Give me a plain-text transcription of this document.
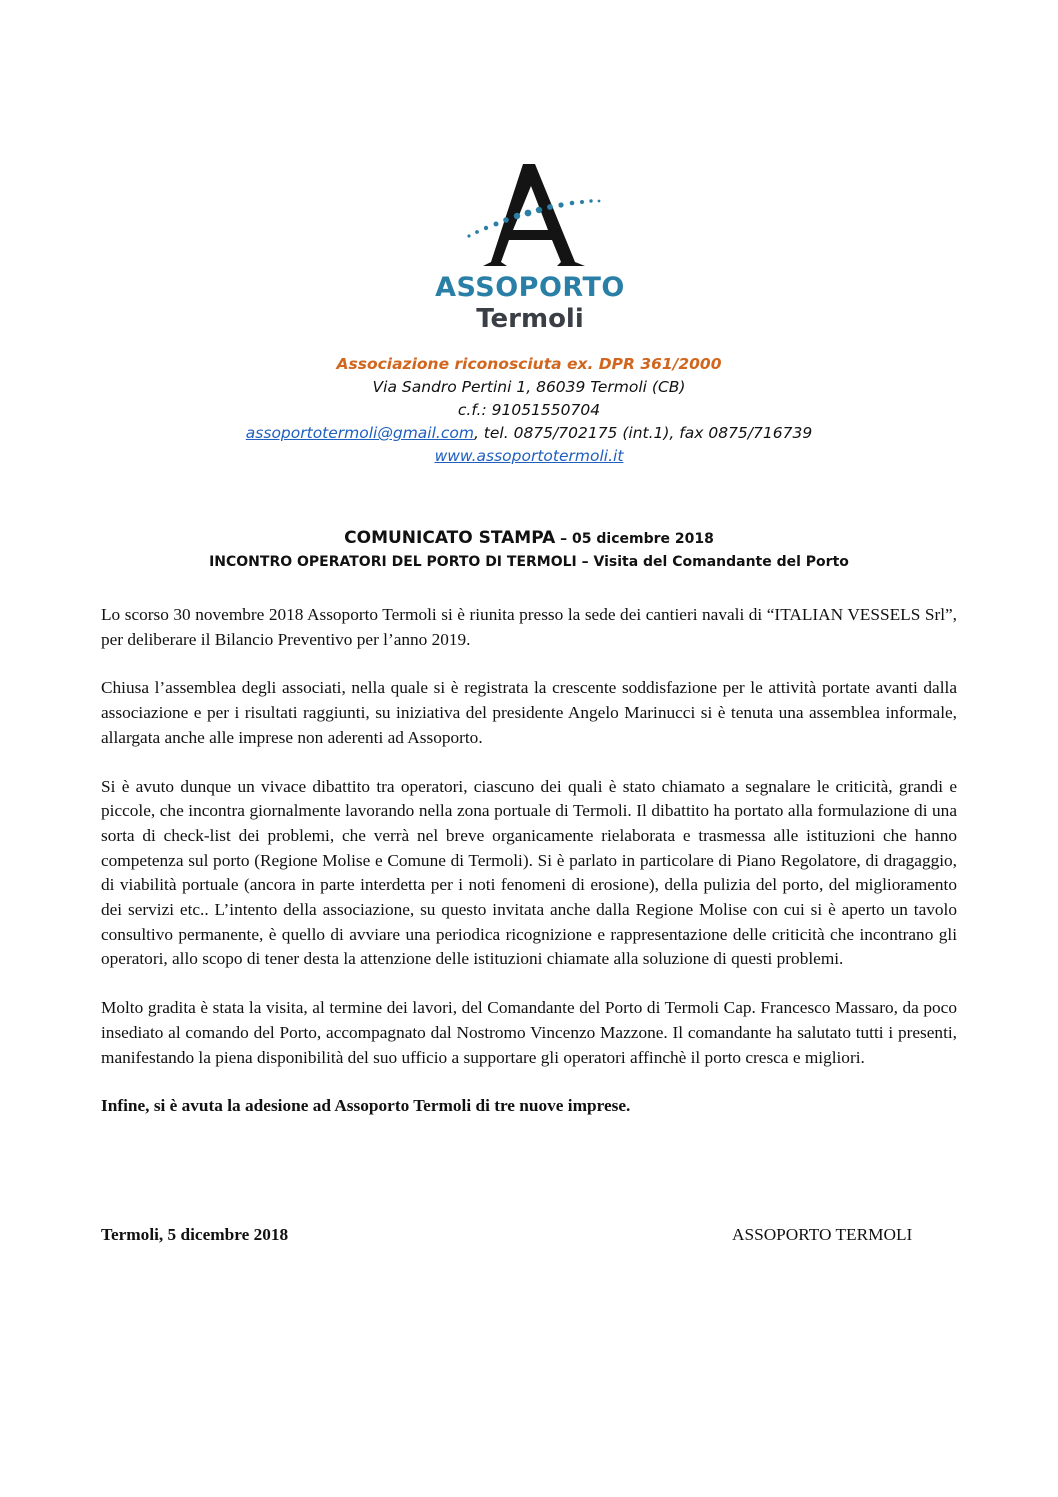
ASSOPORTO
Termoli
Associazione riconosciuta ex. DPR 361/2000
Via Sandro Pertini 1, 86039 Termoli (CB)
c.f.: 91051550704
assoportotermoli@gmail.com, tel. 0875/702175 (int.1), fax 0875/716739
www.assoportotermoli.it
COMUNICATO STAMPA – 05 dicembre 2018
INCONTRO OPERATORI DEL PORTO DI TERMOLI – Visita del Comandante del Porto

Lo scorso 30 novembre 2018 Assoporto Termoli si è riunita presso la sede dei cantieri navali di “ITALIAN VESSELS Srl”, per deliberare il Bilancio Preventivo per l’anno 2019.

Chiusa l’assemblea degli associati, nella quale si è registrata la crescente soddisfazione per le attività portate avanti dalla associazione e per i risultati raggiunti, su iniziativa del presidente Angelo Marinucci si è tenuta una assemblea informale, allargata anche alle imprese non aderenti ad Assoporto.

Si è avuto dunque un vivace dibattito tra operatori, ciascuno dei quali è stato chiamato a segnalare le criticità, grandi e piccole, che incontra giornalmente lavorando nella zona portuale di Termoli. Il dibattito ha portato alla formulazione di una sorta di check-list dei problemi, che verrà nel breve organicamente rielaborata e trasmessa alle istituzioni che hanno competenza sul porto (Regione Molise e Comune di Termoli). Si è parlato in particolare di Piano Regolatore, di dragaggio, di viabilità portuale (ancora in parte interdetta per i noti fenomeni di erosione), della pulizia del porto, del miglioramento dei servizi etc.. L’intento della associazione, su questo invitata anche dalla Regione Molise con cui si è aperto un tavolo consultivo permanente, è quello di avviare una periodica ricognizione e rappresentazione delle criticità che incontrano gli operatori, allo scopo di tener desta la attenzione delle istituzioni chiamate alla soluzione di questi problemi.

Molto gradita è stata la visita, al termine dei lavori, del Comandante del Porto di Termoli Cap. Francesco Massaro, da poco insediato al comando del Porto, accompagnato dal Nostromo Vincenzo Mazzone. Il comandante ha salutato tutti i presenti, manifestando la piena disponibilità del suo ufficio a supportare gli operatori affinchè il porto cresca e migliori.

Infine, si è avuta la adesione ad Assoporto Termoli di tre nuove imprese.

Termoli, 5 dicembre 2018	ASSOPORTO TERMOLI
